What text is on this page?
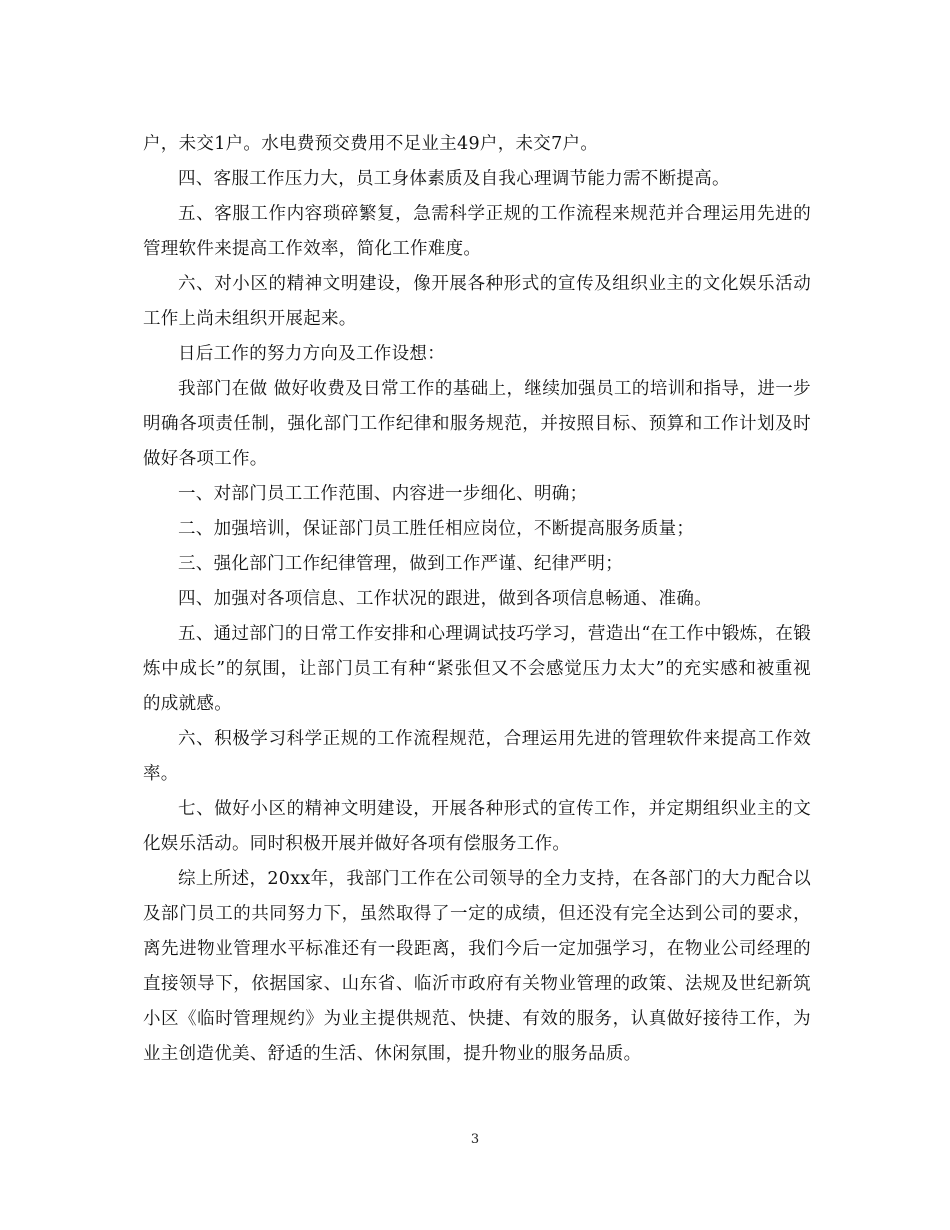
户，未交1户。水电费预交费用不足业主49户，未交7户。

四、客服工作压力大，员工身体素质及自我心理调节能力需不断提高。

五、客服工作内容琐碎繁复，急需科学正规的工作流程来规范并合理运用先进的管理软件来提高工作效率，简化工作难度。

六、对小区的精神文明建设，像开展各种形式的宣传及组织业主的文化娱乐活动工作上尚未组织开展起来。

日后工作的努力方向及工作设想：

我部门在做 做好收费及日常工作的基础上，继续加强员工的培训和指导，进一步明确各项责任制，强化部门工作纪律和服务规范，并按照目标、预算和工作计划及时做好各项工作。

一、对部门员工工作范围、内容进一步细化、明确；

二、加强培训，保证部门员工胜任相应岗位，不断提高服务质量；

三、强化部门工作纪律管理，做到工作严谨、纪律严明；

四、加强对各项信息、工作状况的跟进，做到各项信息畅通、准确。

五、通过部门的日常工作安排和心理调试技巧学习，营造出“在工作中锻炼，在锻炼中成长”的氛围，让部门员工有种“紧张但又不会感觉压力太大”的充实感和被重视的成就感。

六、积极学习科学正规的工作流程规范，合理运用先进的管理软件来提高工作效率。

七、做好小区的精神文明建设，开展各种形式的宣传工作，并定期组织业主的文化娱乐活动。同时积极开展并做好各项有偿服务工作。

综上所述，20xx年，我部门工作在公司领导的全力支持，在各部门的大力配合以及部门员工的共同努力下，虽然取得了一定的成绩，但还没有完全达到公司的要求，离先进物业管理水平标准还有一段距离，我们今后一定加强学习，在物业公司经理的直接领导下，依据国家、山东省、临沂市政府有关物业管理的政策、法规及世纪新筑小区《临时管理规约》为业主提供规范、快捷、有效的服务，认真做好接待工作，为业主创造优美、舒适的生活、休闲氛围，提升物业的服务品质。

3
